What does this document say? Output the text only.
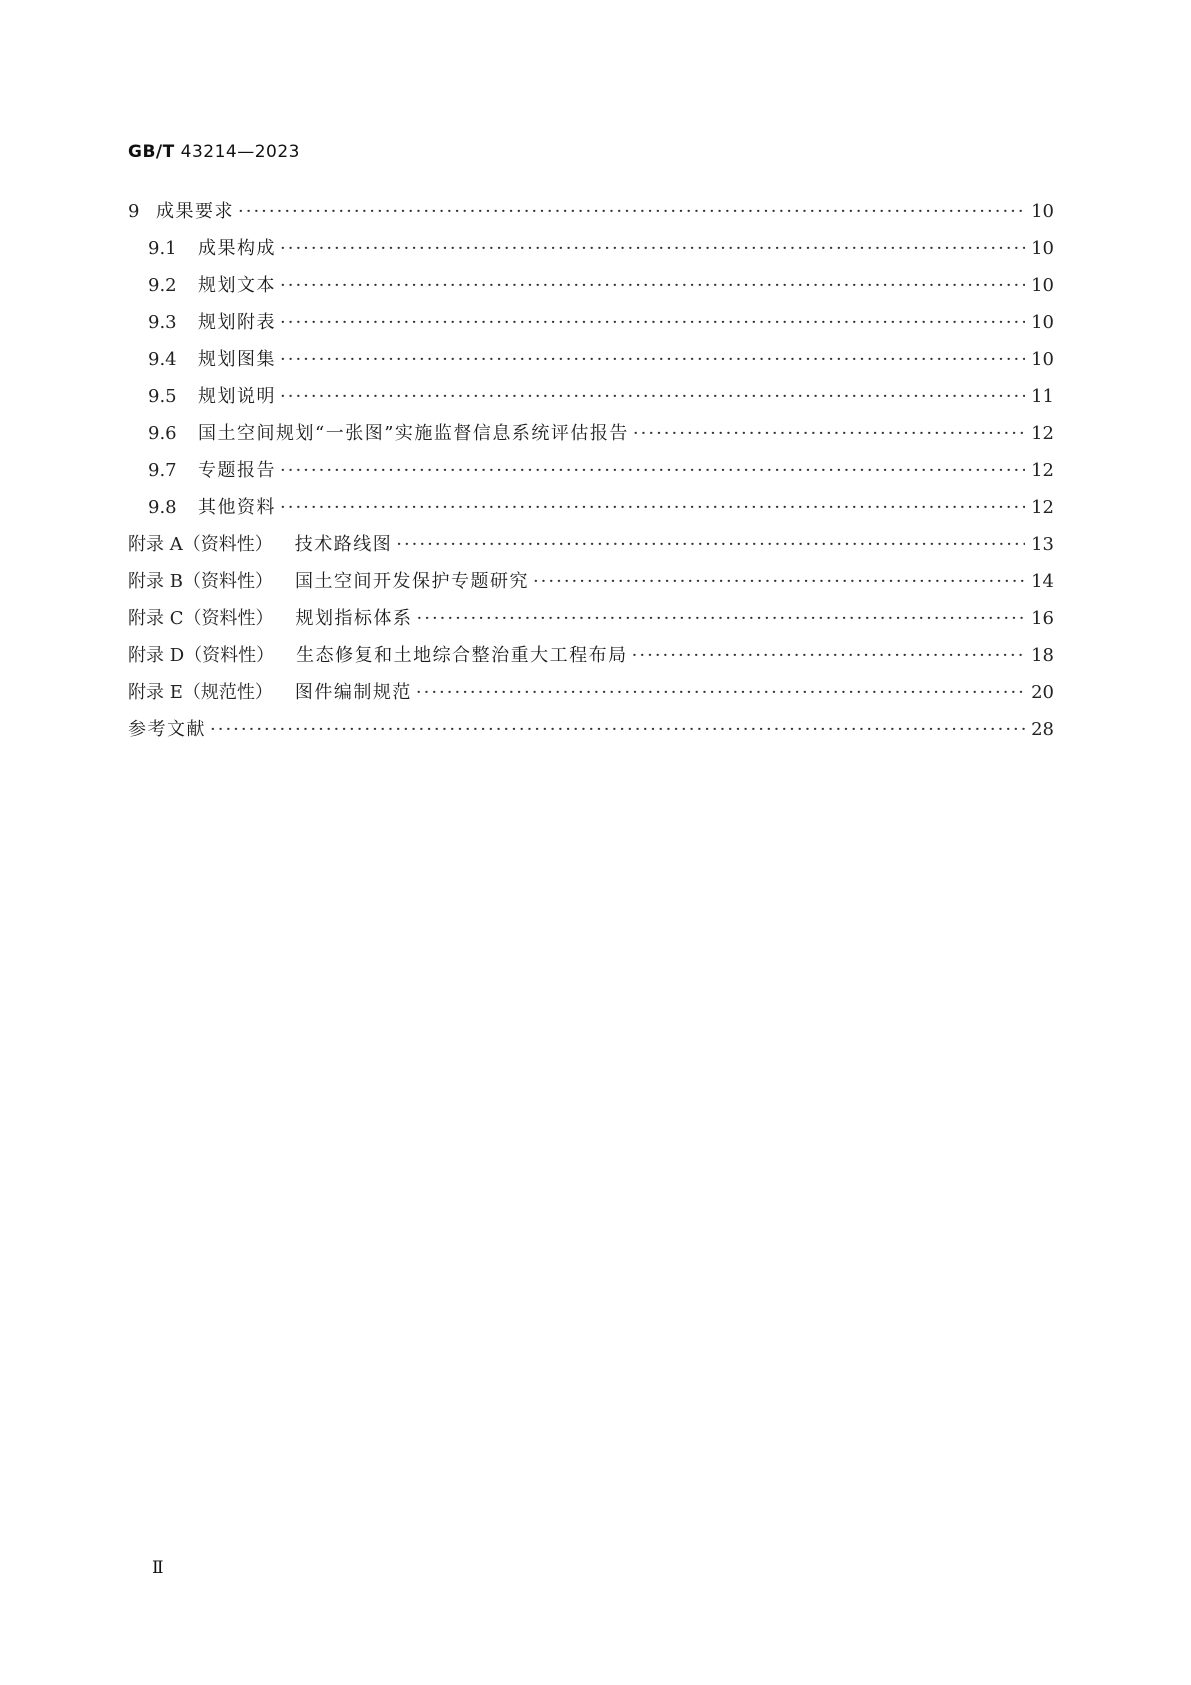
GB/T 43214—2023
9 成果要求 ·····	10
9.1	成果构成 ·····	10
9.2	规划文本 ·····	10
9.3	规划附表 ·····	10
9.4	规划图集 ·····	10
9.5	规划说明 ·····	11
9.6	国土空间规划“一张图”实施监督信息系统评估报告 ·····	12
9.7	专题报告 ·····	12
9.8	其他资料 ·····	12
附录 A（资料性）	技术路线图 ·····	13
附录 B（资料性）	国土空间开发保护专题研究 ·····	14
附录 C（资料性）	规划指标体系 ·····	16
附录 D（资料性）	生态修复和土地综合整治重大工程布局 ·····	18
附录 E（规范性）	图件编制规范 ·····	20
参考文献 ·····	28
Ⅱ
